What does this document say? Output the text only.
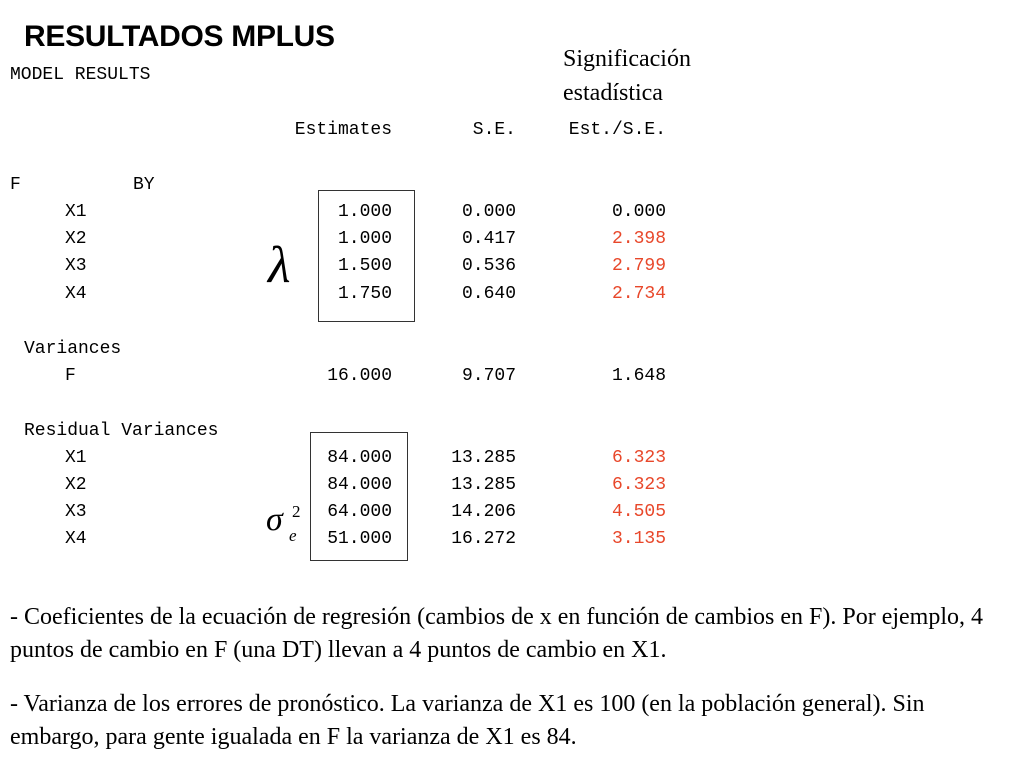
RESULTADOS MPLUS
Significación
estadística
MODEL RESULTS
Estimates	S.E.	Est./S.E.
F	BY
λ
X1	1.000	0.000	0.000
X2	1.000	0.417	2.398
X3	1.500	0.536	2.799
X4	1.750	0.640	2.734
Variances
F	16.000	9.707	1.648
Residual Variances
σ 2
e
X1	84.000	13.285	6.323
X2	84.000	13.285	6.323
X3	64.000	14.206	4.505
X4	51.000	16.272	3.135
- Coeficientes de la ecuación de regresión (cambios de x en función de cambios en F). Por ejemplo, 4 puntos de cambio en F (una DT) llevan a 4 puntos de cambio en X1.
- Varianza de los errores de pronóstico. La varianza de X1 es 100 (en la población general). Sin embargo, para gente igualada en F la varianza de X1 es 84.
